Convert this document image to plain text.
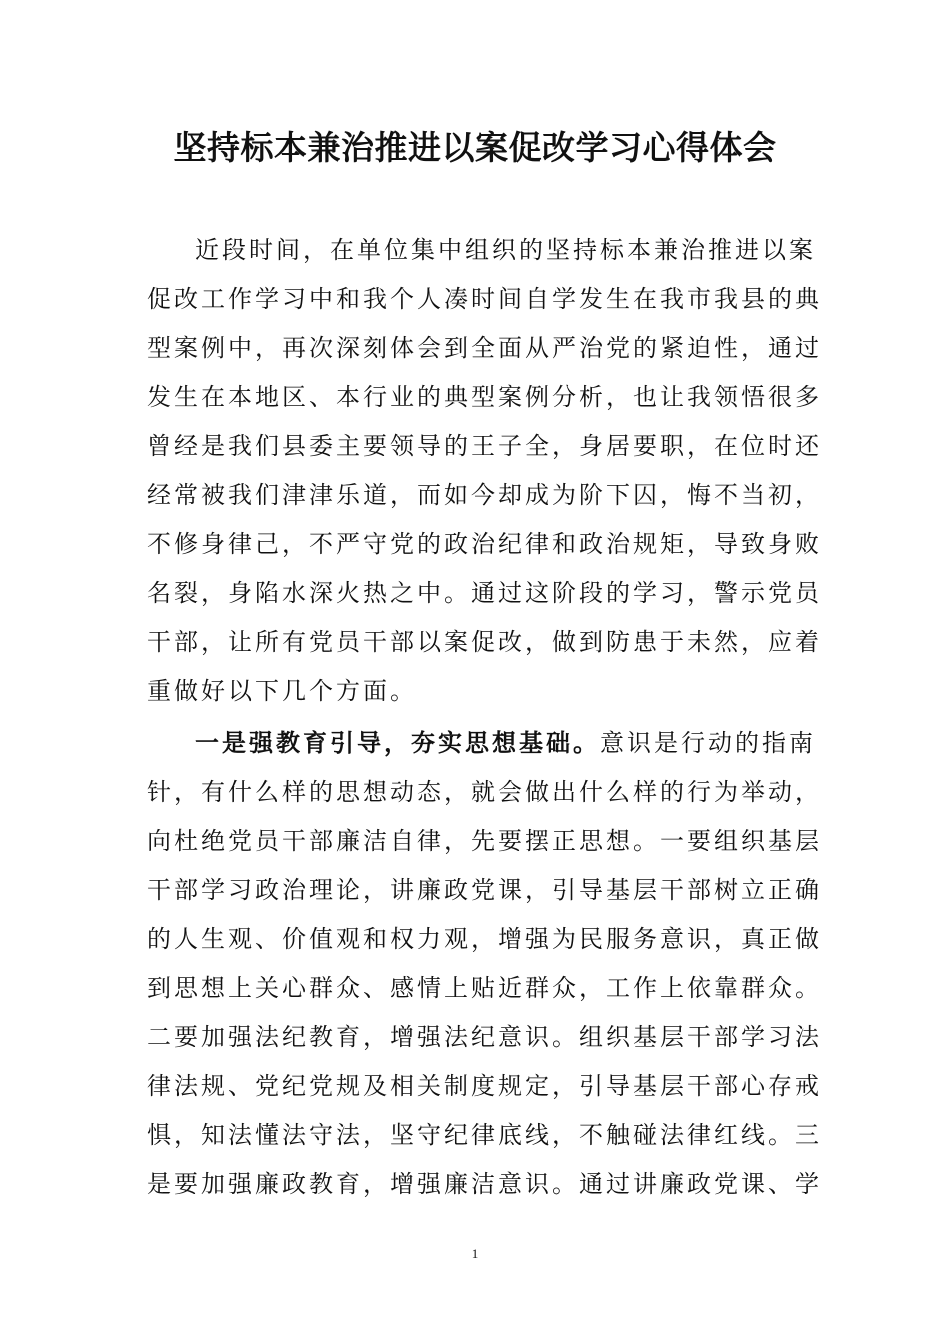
坚持标本兼治推进以案促改学习心得体会
近段时间，在单位集中组织的坚持标本兼治推进以案
促改工作学习中和我个人凑时间自学发生在我市我县的典
型案例中，再次深刻体会到全面从严治党的紧迫性，通过
发生在本地区、本行业的典型案例分析，也让我领悟很多
曾经是我们县委主要领导的王子全，身居要职，在位时还
经常被我们津津乐道，而如今却成为阶下囚，悔不当初，
不修身律己，不严守党的政治纪律和政治规矩，导致身败
名裂，身陷水深火热之中。通过这阶段的学习，警示党员
干部，让所有党员干部以案促改，做到防患于未然，应着
重做好以下几个方面。
一是强教育引导，夯实思想基础。意识是行动的指南
针，有什么样的思想动态，就会做出什么样的行为举动，
向杜绝党员干部廉洁自律，先要摆正思想。一要组织基层
干部学习政治理论，讲廉政党课，引导基层干部树立正确
的人生观、价值观和权力观，增强为民服务意识，真正做
到思想上关心群众、感情上贴近群众，工作上依靠群众。
二要加强法纪教育，增强法纪意识。组织基层干部学习法
律法规、党纪党规及相关制度规定，引导基层干部心存戒
惧，知法懂法守法，坚守纪律底线，不触碰法律红线。三
是要加强廉政教育，增强廉洁意识。通过讲廉政党课、学
1
